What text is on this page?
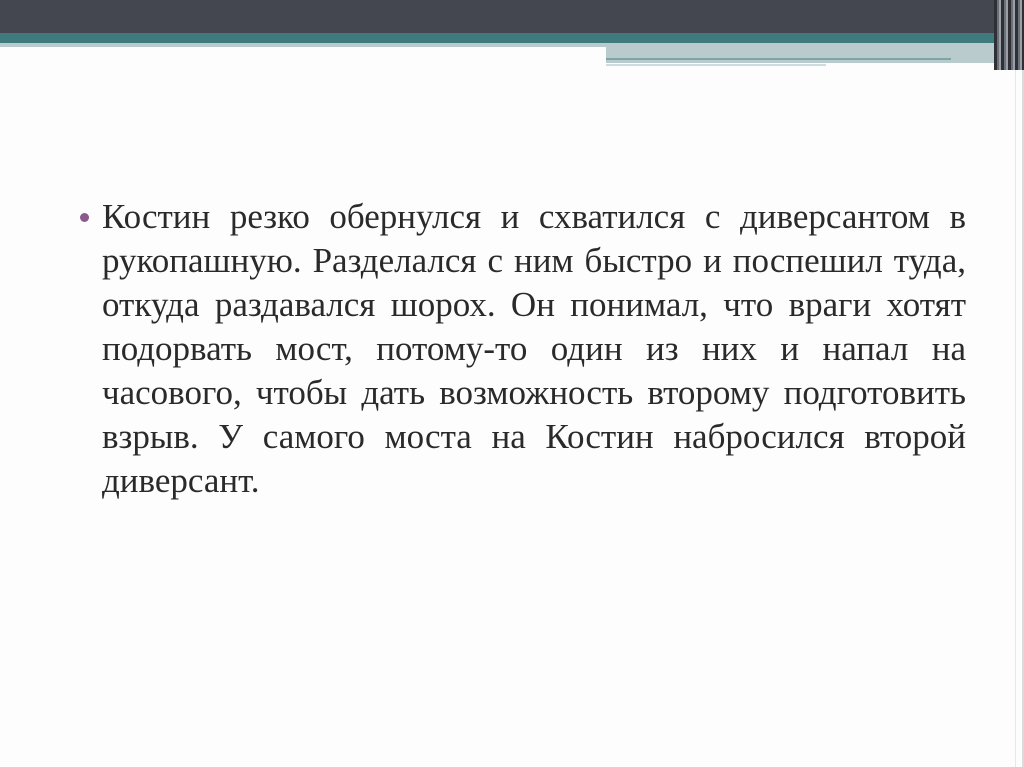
Костин резко обернулся и схватился с диверсантом в рукопашную. Разделался с ним быстро и поспешил туда, откуда раздавался шорох. Он понимал, что враги хотят подорвать мост, потому-то один из них и напал на часового, чтобы дать возможность второму подготовить взрыв. У самого моста на Костин набросился второй диверсант.
